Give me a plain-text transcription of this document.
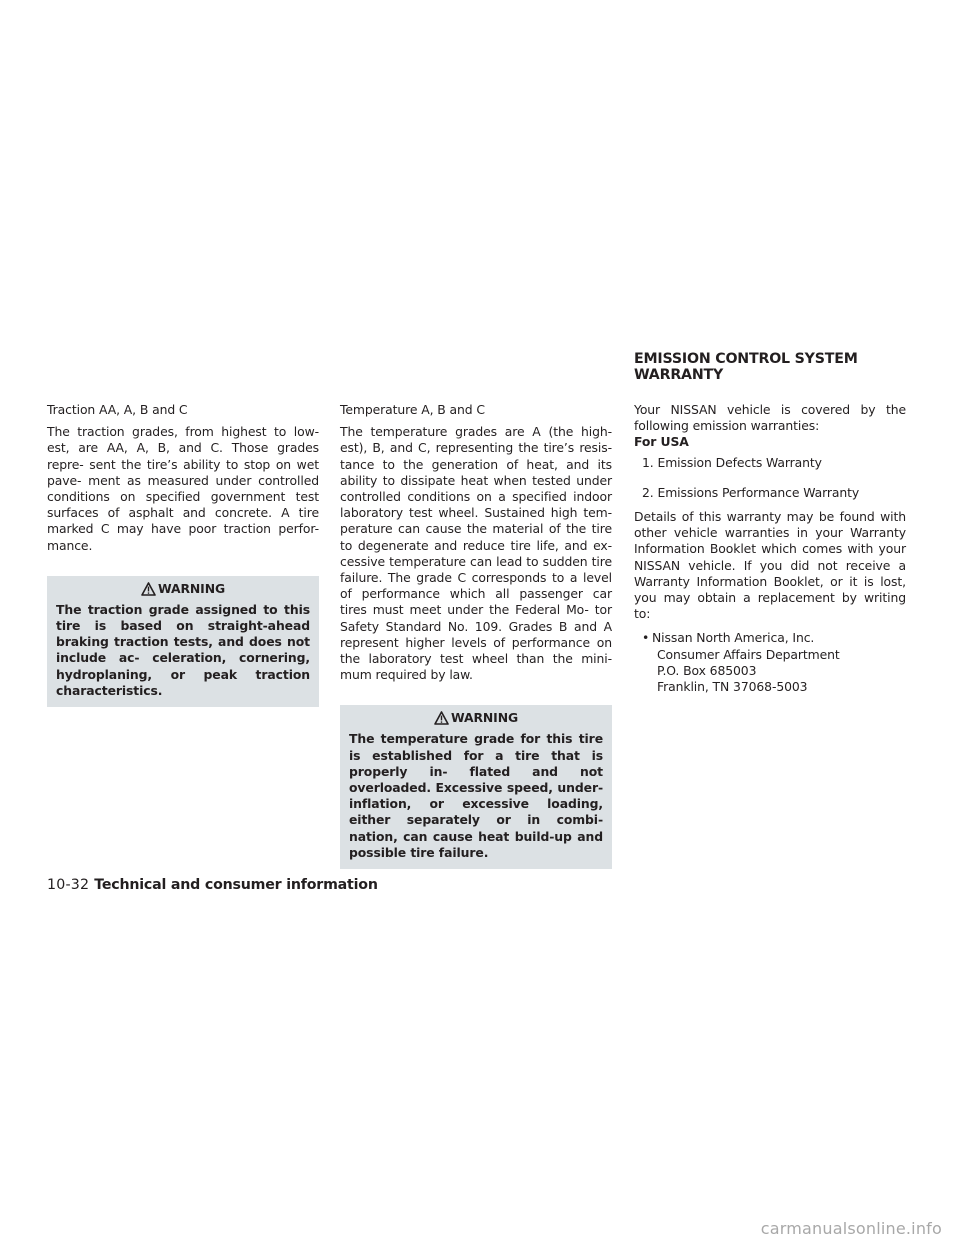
Traction AA, A, B and C

The traction grades, from highest to low- est, are AA, A, B, and C. Those grades repre- sent the tire’s ability to stop on wet pave- ment as measured under controlled conditions on specified government test surfaces of asphalt and concrete. A tire marked C may have poor traction perfor- mance.

WARNING

The traction grade assigned to this tire is based on straight-ahead braking traction tests, and does not include ac- celeration, cornering, hydroplaning, or peak traction characteristics.

Temperature A, B and C

The temperature grades are A (the high- est), B, and C, representing the tire’s resis- tance to the generation of heat, and its ability to dissipate heat when tested under controlled conditions on a specified indoor laboratory test wheel. Sustained high tem- perature can cause the material of the tire to degenerate and reduce tire life, and ex- cessive temperature can lead to sudden tire failure. The grade C corresponds to a level of performance which all passenger car tires must meet under the Federal Mo- tor Safety Standard No. 109. Grades B and A represent higher levels of performance on the laboratory test wheel than the mini- mum required by law.

WARNING

The temperature grade for this tire is established for a tire that is properly in- flated and not overloaded. Excessive speed, under-inflation, or excessive loading, either separately or in combi- nation, can cause heat build-up and possible tire failure.

EMISSION CONTROL SYSTEM
WARRANTY

Your NISSAN vehicle is covered by the following emission warranties:

For USA

1. Emission Defects Warranty
2. Emissions Performance Warranty

Details of this warranty may be found with other vehicle warranties in your Warranty Information Booklet which comes with your NISSAN vehicle. If you did not receive a Warranty Information Booklet, or it is lost, you may obtain a replacement by writing to:

• Nissan North America, Inc.
Consumer Affairs Department
P.O. Box 685003
Franklin, TN 37068-5003
10-32 Technical and consumer information
carmanualsonline.info
